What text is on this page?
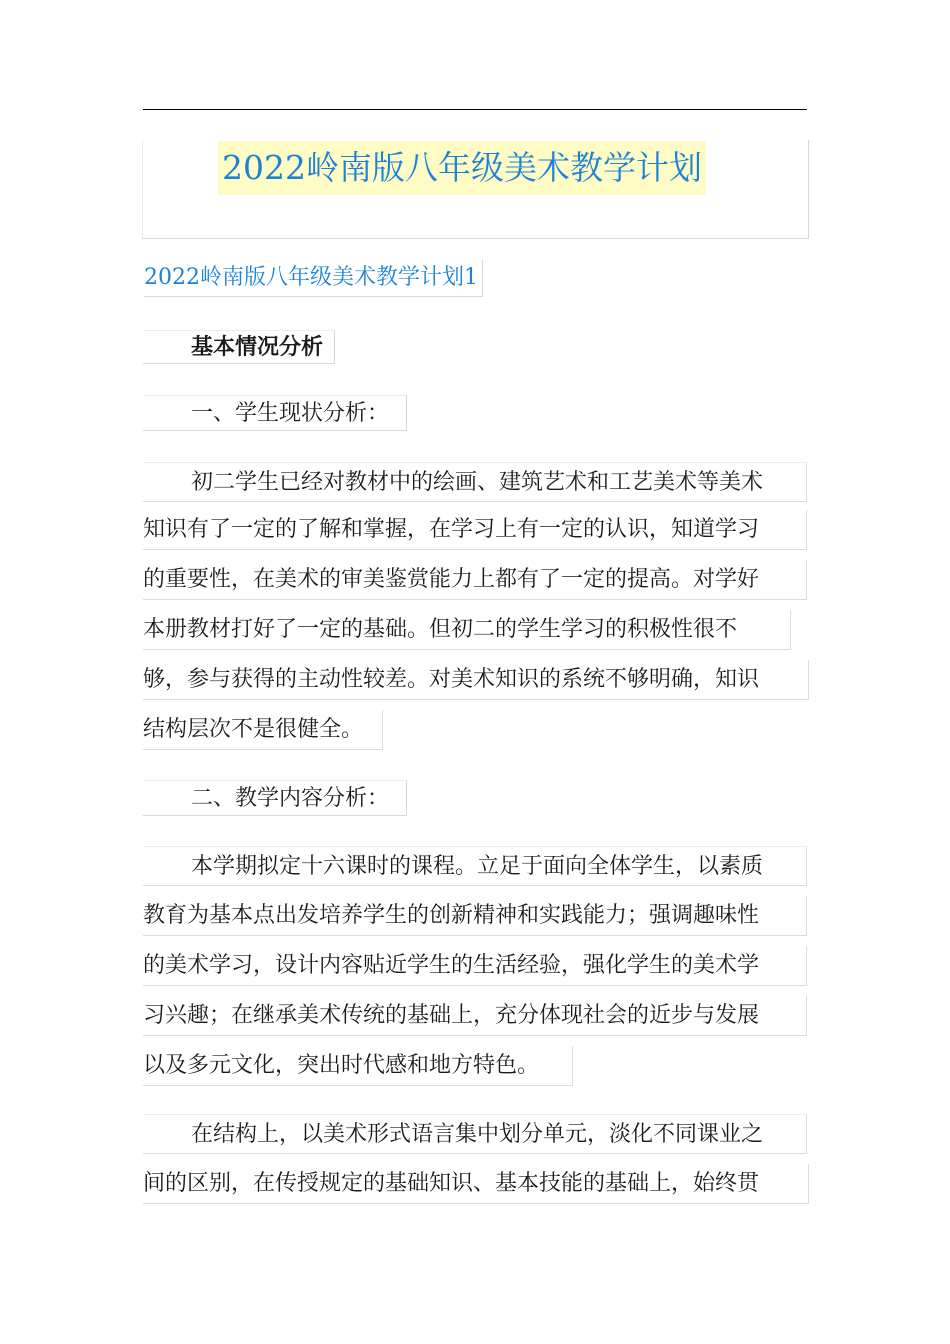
2022岭南版八年级美术教学计划
2022岭南版八年级美术教学计划1
基本情况分析
一、学生现状分析：
初二学生已经对教材中的绘画、建筑艺术和工艺美术等美术
知识有了一定的了解和掌握，在学习上有一定的认识，知道学习
的重要性，在美术的审美鉴赏能力上都有了一定的提高。对学好
本册教材打好了一定的基础。但初二的学生学习的积极性很不
够，参与获得的主动性较差。对美术知识的系统不够明确，知识
结构层次不是很健全。
二、教学内容分析：
本学期拟定十六课时的课程。立足于面向全体学生，以素质
教育为基本点出发培养学生的创新精神和实践能力；强调趣味性
的美术学习，设计内容贴近学生的生活经验，强化学生的美术学
习兴趣；在继承美术传统的基础上，充分体现社会的近步与发展
以及多元文化，突出时代感和地方特色。
在结构上，以美术形式语言集中划分单元，淡化不同课业之
间的区别，在传授规定的基础知识、基本技能的基础上，始终贯
